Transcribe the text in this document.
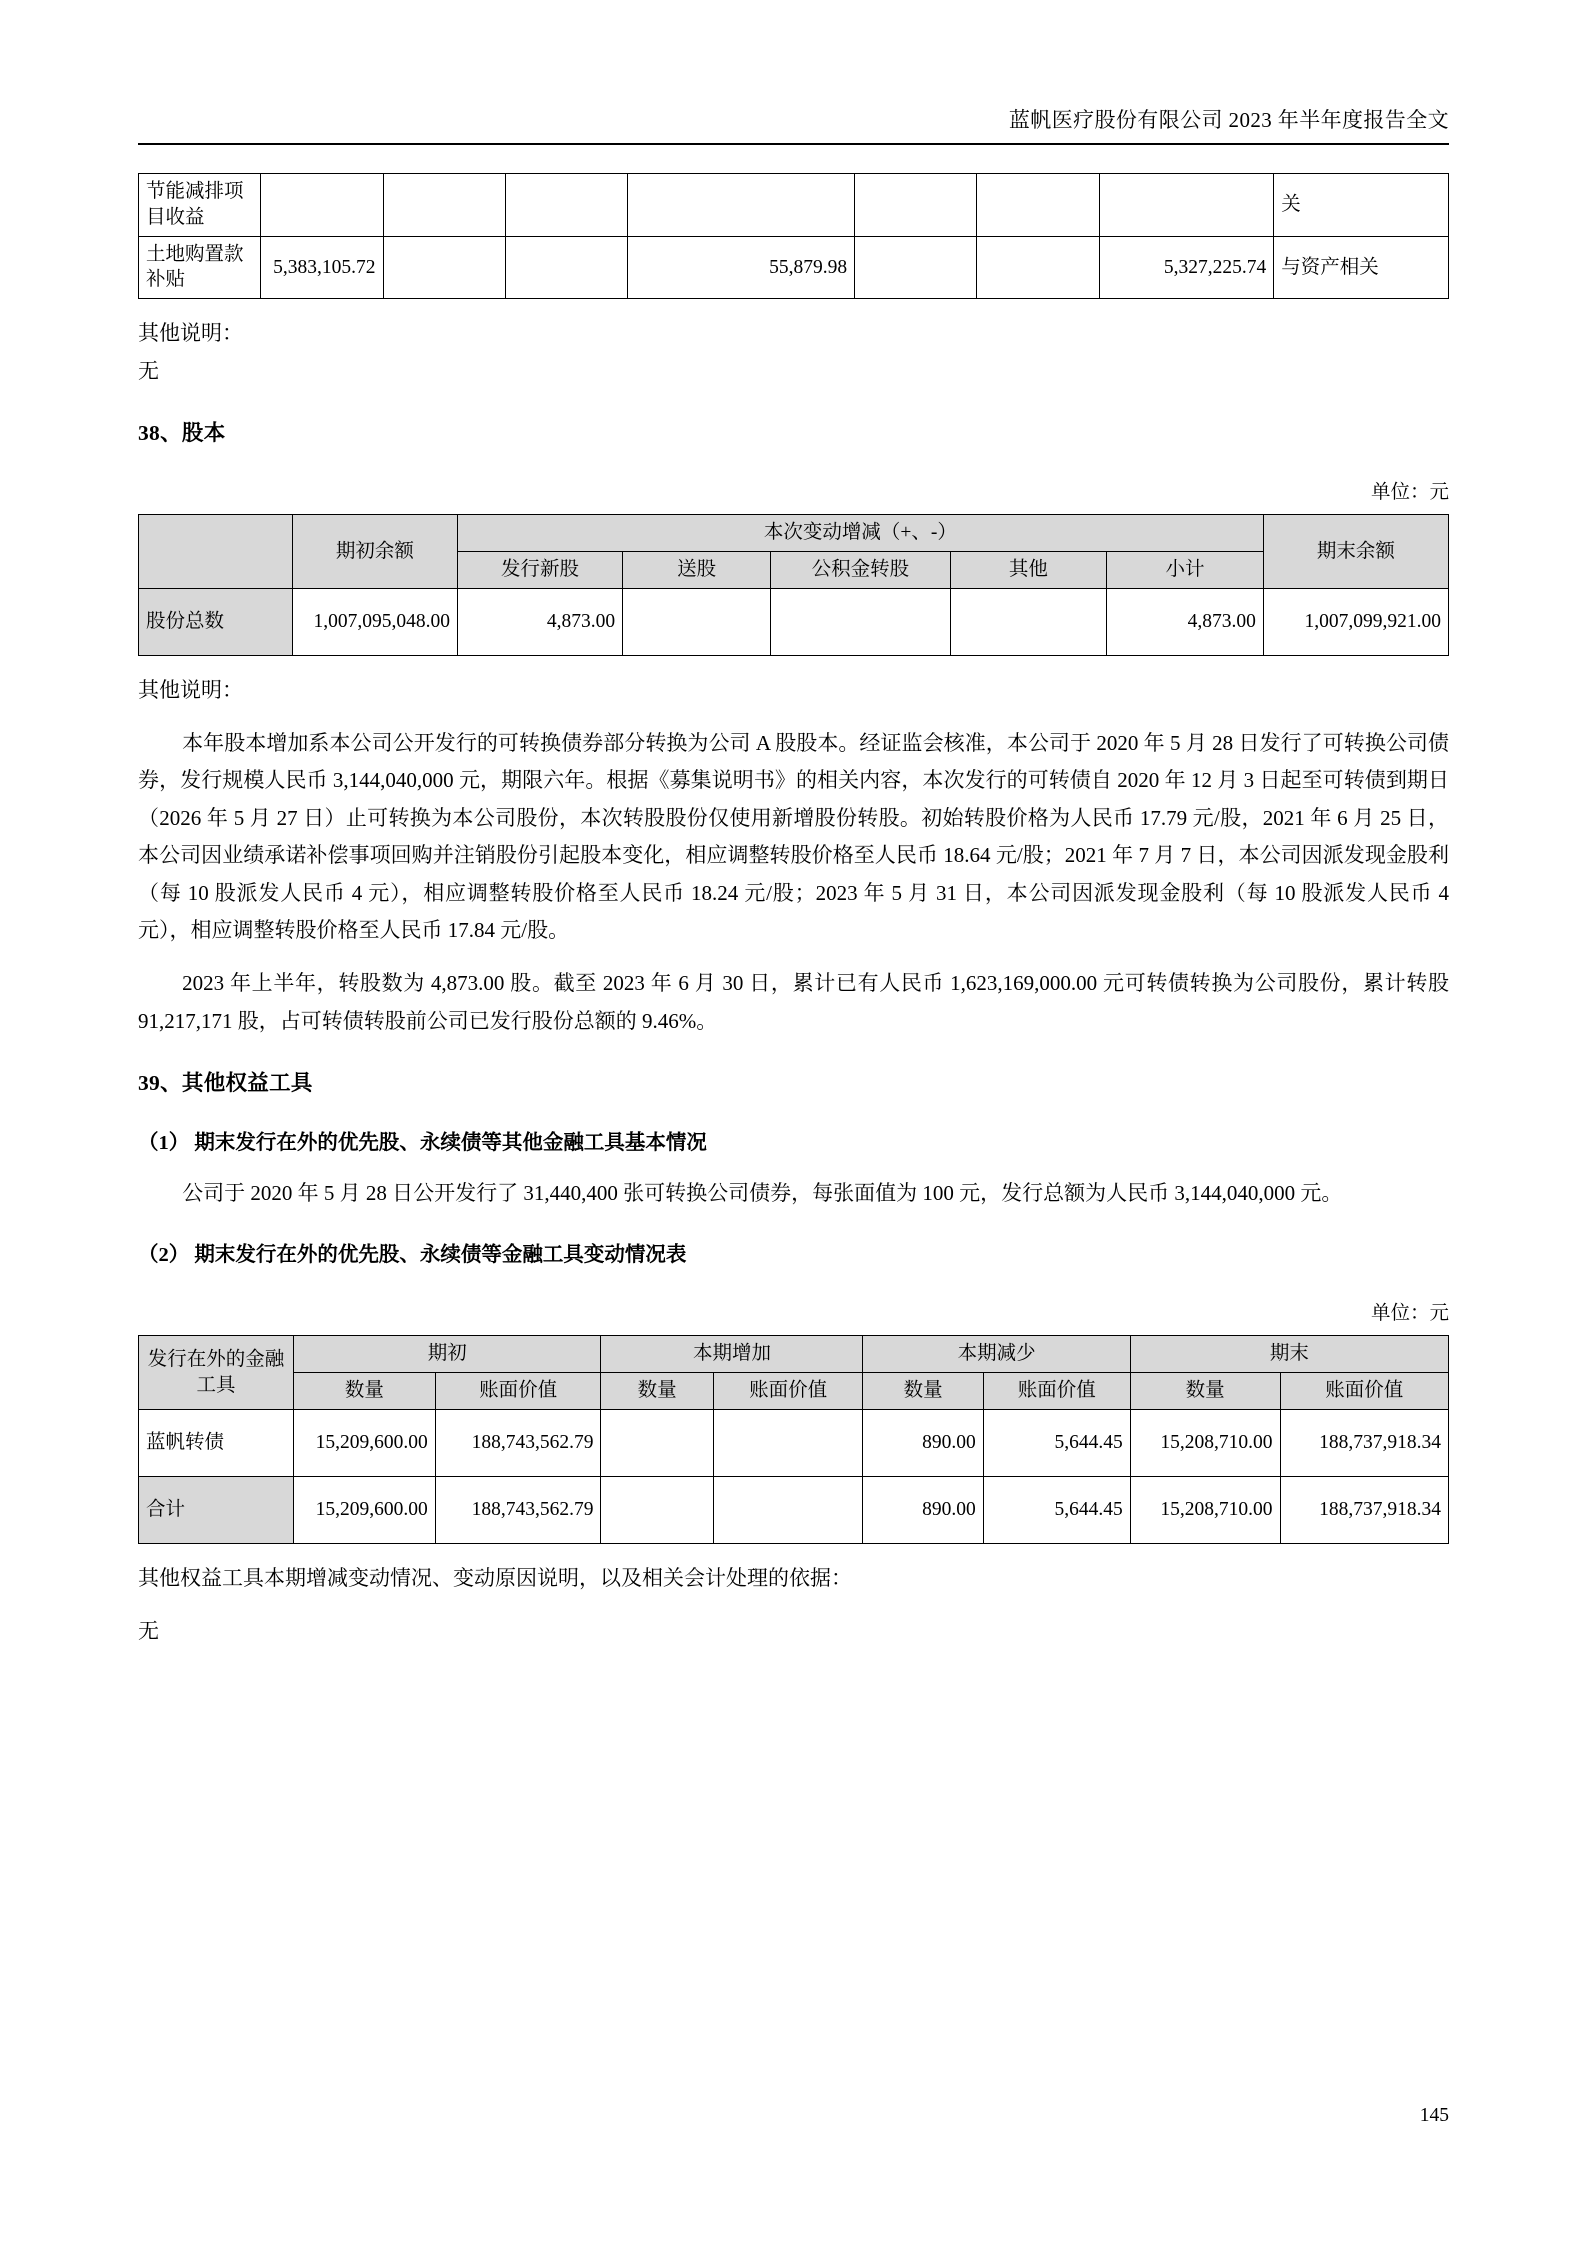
蓝帆医疗股份有限公司 2023 年半年度报告全文
节能减排项目收益								关
土地购置款补贴	5,383,105.72			55,879.98			5,327,225.74	与资产相关

其他说明：

无

38、股本

单位：元

	期初余额	本次变动增减（+、-）					期末余额
		发行新股	送股	公积金转股	其他	小计	
股份总数	1,007,095,048.00	4,873.00				4,873.00	1,007,099,921.00

其他说明：

本年股本增加系本公司公开发行的可转换债券部分转换为公司 A 股股本。经证监会核准，本公司于 2020 年 5 月 28 日发行了可转换公司债券，发行规模人民币 3,144,040,000 元，期限六年。根据《募集说明书》的相关内容，本次发行的可转债自 2020 年 12 月 3 日起至可转债到期日（2026 年 5 月 27 日）止可转换为本公司股份，本次转股股份仅使用新增股份转股。初始转股价格为人民币 17.79 元/股，2021 年 6 月 25 日，本公司因业绩承诺补偿事项回购并注销股份引起股本变化，相应调整转股价格至人民币 18.64 元/股；2021 年 7 月 7 日，本公司因派发现金股利（每 10 股派发人民币 4 元），相应调整转股价格至人民币 18.24 元/股；2023 年 5 月 31 日，本公司因派发现金股利（每 10 股派发人民币 4 元），相应调整转股价格至人民币 17.84 元/股。

2023 年上半年，转股数为 4,873.00 股。截至 2023 年 6 月 30 日，累计已有人民币 1,623,169,000.00 元可转债转换为公司股份，累计转股 91,217,171 股，占可转债转股前公司已发行股份总额的 9.46%。

39、其他权益工具
（1） 期末发行在外的优先股、永续债等其他金融工具基本情况

公司于 2020 年 5 月 28 日公开发行了 31,440,400 张可转换公司债券，每张面值为 100 元，发行总额为人民币 3,144,040,000 元。

（2） 期末发行在外的优先股、永续债等金融工具变动情况表

单位：元

发行在外的金融工具	期初		本期增加		本期减少		期末	
	数量	账面价值	数量	账面价值	数量	账面价值	数量	账面价值
蓝帆转债	15,209,600.00	188,743,562.79			890.00	5,644.45	15,208,710.00	188,737,918.34
合计	15,209,600.00	188,743,562.79			890.00	5,644.45	15,208,710.00	188,737,918.34

其他权益工具本期增减变动情况、变动原因说明，以及相关会计处理的依据：

无

145
